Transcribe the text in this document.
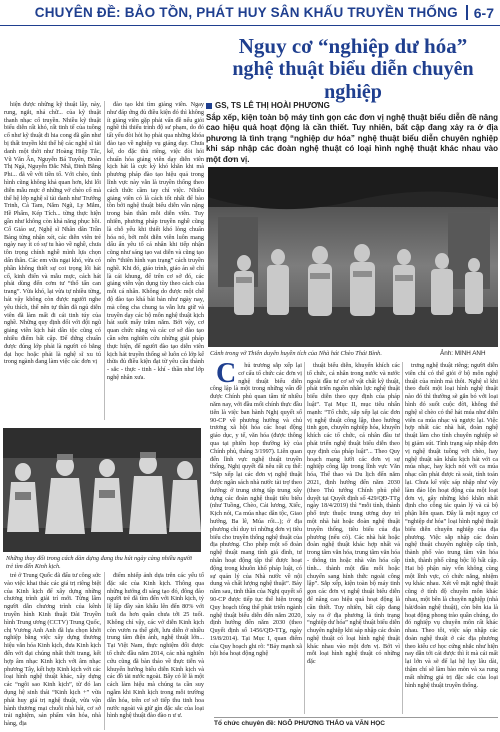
CHUYÊN ĐỀ: BẢO TỒN, PHÁT HUY SÂN KHẤU TRUYỀN THỐNG 6-7
Nguy cơ “nghiệp dư hóa”
nghệ thuật biểu diễn chuyên nghiệp
GS, TS LÊ THỊ HOÀI PHƯƠNG
Sắp xếp, kiện toàn bộ máy tinh gọn các đơn vị nghệ thuật biểu diễn đề nâng cao hiệu quả hoạt động là cần thiết. Tuy nhiên, bất cập đang xảy ra ở địa phương là tình trạng “nghiệp dư hóa” nghệ thuật biểu diễn chuyên nghiệp khi sáp nhập các đoàn nghệ thuật có loại hình nghệ thuật khác nhau vào một đơn vị.

hiện được những kỹ thuật lây, này, rung, ngắt, nhả chữ... của kỹ thuật thanh nhạc cổ truyền. Nhiều kỹ thuật biểu diễn rất khó, rất tinh tế của tuồng cổ như kỹ thuật đi hia cong đã gần như bị thất truyền khi thế hệ các nghệ sĩ tài danh một thời như Hoàng Hiệp Tắc, Vũ Văn Ân, Nguyễn Bá Tuyên, Đoàn Thị Ngà, Nguyễn Đắc Nhã, Đinh Bằng Phi... đã về với tiền tổ. Với chèo, tình hình cũng không khả quan hơn, khi lối diễn mẫu mực ở những vở chèo cổ mà thế hệ lớp nghệ sĩ tài danh như Trưởng Trinh, Cả Tam, Năm Ngũ, Ly Mắm, Hề Phấm, Kép Tích... từng thực hiện gần như không còn khả năng phục hồi. Cố Giáo sư, Nghệ sĩ Nhân dân Trần Bảng từng nhận xét, các diễn viên trẻ ngày nay ít có sự tu hào về nghề, chưa tôn trọng chính nghề mình lựa chọn dấn thân. Các em vừa ngại khó, vừa có phần không thiết sự coi trọng lối hát cổ, kinh điển và mẫu mực, cách hát phải dùng đến cơm tư “thổ tấn can trang”. Vừa khó, lại vừa tự nhiều từng, hát vậy không còn được người nghe yêu thích, thế nên tự thân đã ngủ diễn viên đã làm mất đi cái tinh túy của nghề. Những quy định đổi với đội ngũ giảng viên kịch hát dân tộc cũng có nhiều điểm bất cập. Để đứng chuẩn được đúng lớp phải là người có bằng đại học hoặc phải là nghệ sĩ xu tú trong ngành đang làm việc các đơn vị

đào tạo khi tìm giảng viên. Ngay như đáp ứng đủ điều kiện đó thì không ít giảng viên gặp phải vấn đề nếu giỏi nghề thì thiếu trình độ sư phạm, do đó tất yếu đòi hỏi họ phải qua những khóa đào tạo về nghiệp vụ giảng dạy. Chưa kể, do đặc thù riêng, việc đòi hỏi chuẩn hóa giảng viên dạy diễn viên kịch hát là cực kỳ khó khăn khi mà phương pháp đào tạo hiệu quả trong lĩnh vực này vẫn là truyền thống theo cách thức cầm tay chỉ việc. Nhiều giảng viên có là cách tốt nhất để bảo tồn bởi nghệ thuật biểu diễn vẫn nặng trong bản thân mỗi diễn viên. Tuy nhiên, phương pháp truyền nghề cũng là chỗ yếu khi thiết khó lòng chuẩn hóa nó, bởi mỗi diễn viên luôn mang dấu ấn yêu tố cá nhân khi tiếp nhận cũng như sáng tạo vai diễn và cũng tạo nên “thiên hình vạn trạng” cách truyền nghề. Khi đó, giáo trình, giáo án sẽ chỉ là cái khung, để trên cơ sở đó, các giảng viên vận dụng tùy theo cách của mỗi cá nhân. Không do được một chế độ đào tạo khá bài bản như ngày nay, mà công cha chung ta vẫn lưu giữ và truyền dạy các bộ môn nghệ thuật kịch hát suốt mấy trăm năm. Bởi vậy, cơ quan chức năng và các cơ sở đào tạo cần sớm nghiên cứu những giải pháp thực hiện, để người đào tạo diễn viên kịch hát truyền thống sẽ luôn có lớp kế thừa đủ điều kiện đạt từ yêu cầu thành - sắc - thực - tinh - khí - thần như lớp nghệ nhân xưa.

Cảnh trong vở Thiên duyên huyền tích của Nhà hát Chèo Thái Bình.	Ảnh: MINH ANH
Những thay đổi trong cách dàn dựng đang thu hút ngày càng nhiều người trẻ tìm đến Kinh kịch.

trẻ ở Trung Quốc đã đấu tư công sức vào việc khai thác các giá trị riêng biệt của Kinh kịch để xây dựng những chương trình giải trí mới. Từng lâm người dẫn chương trình của kênh truyền hình Kinh thuật Đài Truyền hình Trung ương (CCTV) Trung Quốc, chị Vương Anh Anh đã lựa chọn khởi nghiệp bằng việc xây dựng thương hiệu văn hóa Kinh kịch, đưa Kinh kịch đến với đại chúng nhất thời trang, kết hợp âm nhạc Kinh kịch với âm nhạc phương Tây, kết hợp Kinh kịch với các loại hình nghệ thuật khác, xây dựng các “ngôi sao Kinh kịch”, từ đó lan dụng hệ sinh thái “Kinh kịch +” vừa phát huy giá trị nghệ thuật, vừa vận hành thương mại chuỗi nhà hát, cơ sở trải nghiệm, sản phẩm văn hóa, nhà hàng, địa

điểm nhiếp ảnh dựa trên các yếu tố đặc sắc của Kinh kịch. Thông qua những hướng đi sáng tạo đó, đông đảo người trẻ đã tìm đến với Kinh kịch, tỷ lệ lấp đầy sàn khấu lên đến 80% với tuổi đa hơn quân chưa tới 25 tuổi. Không chỉ vậy, các vở diễn Kinh kịch còn vươn ra thế giới, lưu diễn ở nhiều trung tâm điện ảnh, nghệ thuật lớn... Tại Việt Nam, thực nghiệm đổi được tổ chức đầu năm 2014, các nhà nghiên cứu cũng đã bàn thảo về thực tiễn và khuyến hướng biểu diễn Kinh kịch và các đồ tài nước ngoài. Bây có lẽ là một cách làm hiệu mà chúng ta cần suy ngẫm khi Kinh kịch trong mỗi trường dẫn hóa, trên cơ sở tiếp thu tinh hoa nước ngoài và giữ gìn đặc sắc của loại hình nghệ thuật đào đào n ư ư.

C hủ trương sắp xếp lại cơ cấu tổ chức các đơn vị nghệ thuật biểu diễn công lập là một trong những vấn đề được Chính phủ quan tâm từ nhiều năm nay, với đầu mối chính thực đầu tiên là việc ban hành Nghị quyết số 90-CP về phương hướng và chủ trương xã hội hóa các hoạt động giáo dục, y tế, văn hóa (được thông qua tại phiên họp thường kỳ của Chính phủ, tháng 3/1997). Liên quan đến lĩnh vực nghệ thuật truyền thống, Nghị quyết đã nêu rất cụ thể: “Sắp xếp lại các đơn vị nghệ thuật được ngân sách nhà nước tài trợ theo hướng: ở trung ương tập trung xây dựng các đoàn nghệ thuật tiêu biểu (như Tuồng, Chèo, Cải lương, Xiếc, Kịch nói, Ca múa nhạc dân tộc, Giao hưởng, Ba lê, Múa rối...); ở địa phương chỉ duy trì những đơn vị tiêu biểu cho truyền thống nghệ thuật của địa phương. Cho phép một số đoàn nghệ thuật mang tính giá đình, tư nhân hoạt động tập thể được hoạt động trong khuôn khổ pháp luật, có sự quản lý của Nhà nước về nội dung và chất lượng nghệ thuật”. Bảy năm sau, tinh thần của Nghị quyết số 90-CP được tiếp tục thể hiện trong Quy hoạch tổng thể phát triển ngành nghệ thuật biểu diễn đến năm 2020, định hướng đến năm 2030 (theo Quyết định số 1456/QĐ-TTg, ngày 19/8/2014). Tại Mục I, quan điểm của Quy hoạch ghi rõ: “Bảy mạnh xã hội hóa hoạt động nghệ

thuật biểu diễn, khuyến khích các tổ chức, cá nhân trong nước và nước ngoài đầu tư cơ sở vật chất kỹ thuật, phát triển nguồn nhân lực nghệ thuật biểu diễn theo quy định của pháp luật”. Tại Mục II, mục tiêu nhấn mạnh: “Tổ chức, sắp xếp lại các đơn vị nghệ thuật công lập, theo hướng tinh gọn, chuyên nghiệp hóa, khuyến khích các tổ chức, cá nhân đầu tư phát triển nghệ thuật biểu diễn theo quy định của pháp luật”... Theo Quy hoạch mạng lưới các đơn vị sự nghiệp công lập trong lĩnh vực Văn hóa, Thể thao và Du lịch đến năm 2021, định hướng đến năm 2030 (theo Thủ tướng Chính phủ phê duyệt tại Quyết định số 429/QĐ-TTg ngày 18/4/2019) thì “mỗi tỉnh, thành phố trực thuộc trung ương duy trì một nhà hát hoặc đoàn nghệ thuật truyền thống, tiêu biểu của địa phương (nếu có). Các nhà hát hoặc đoàn nghệ thuật khác hợp nhất vả trong tâm văn hóa, trung tâm văn hóa - thông tin hoặc nhà văn hóa cấp tỉnh... thành một đầu mối hoặc chuyển sang hình thức ngoài công lập”. Sắp xếp, kiện toàn bộ máy tinh gọn các đơn vị nghệ thuật biểu diễn để nâng cao hiệu quả hoạt động là cần thiết. Tuy nhiên, bất cập đang xảy ra ở địa phương là tình trạng “nghiệp dư hóa” nghệ thuật biểu diễn chuyên nghiệp khi sáp nhập các đoàn nghệ thuật có loại hình nghệ thuật khác nhau vào một đơn vị. Bởi vì mỗi loại hình nghệ thuật có những đặc

trưng nghệ thuật riêng; người diễn viên chỉ có thể giỏi ở bộ môn nghệ thuật của mình mà thôi. Nghệ sĩ khi theo đuổi một loại hình nghệ thuật nào đó thì thường sẽ gắn bó với loại hình đó suốt cuộc đời, không thể nghệ sĩ chèo có thể hát múa như diễn viên ca múa nhạc và ngược lại. Việc hợp nhất các nhà hát, đoàn nghệ thuật làm cho tính chuyên nghiệp sẽ bị giảm sút. Tình trạng sáp nhập đơn vị nghệ thuật tuồng với chèo, hay nghệ thuật sân khấu kịch hát với ca múa nhạc, hay kịch nói với ca múa nhạc cần phải được rà soát, tính toán lại. Chưa kể việc sáp nhập như vậy làm đảo lộn hoạt động của một loạt đơn vị, gây những khó khăn nhất định cho công tác quản lý và cả bộ phận liên quan. Đây là một nguy cơ “nghiệp dư hóa” loại hình nghệ thuật biểu diễn chuyên nghiệp của địa phương. Việc sắp nhập các đoàn nghệ thuật chuyên nghiệp cấp tỉnh, thành phố vào trung tâm văn hóa tỉnh, thành phố cũng bộc lộ bất cập. Hai bộ phận này vốn không cùng một lĩnh vực, có chức năng, nhiệm vụ khác nhau. Xét về mặt nghệ thuật cũng ở tính độ chuyên môn khác nhau, một bên là chuyên nghiệp (nhà hát/đoàn nghệ thuật), còn bên kia là hoạt động phong trào quần chúng, do đó nghiệp vụ chuyên môn rất khác nhau. Theo tôi, việc sáp nhập các đoàn nghệ thuật ở các địa phương theo kiểu cơ học cứng nhắc như hiện nay dẫn tới cái được thì ít mà cái mất lại lớn và sẽ để lại hệ lụy lâu dài, thậm chí sẽ làm bào mòn và xa rung mất những giá trị đặc sắc của loại hình nghệ thuật truyền thống.

Tổ chức chuyên đề: NGÔ PHƯƠNG THẢO và VĂN HỌC
